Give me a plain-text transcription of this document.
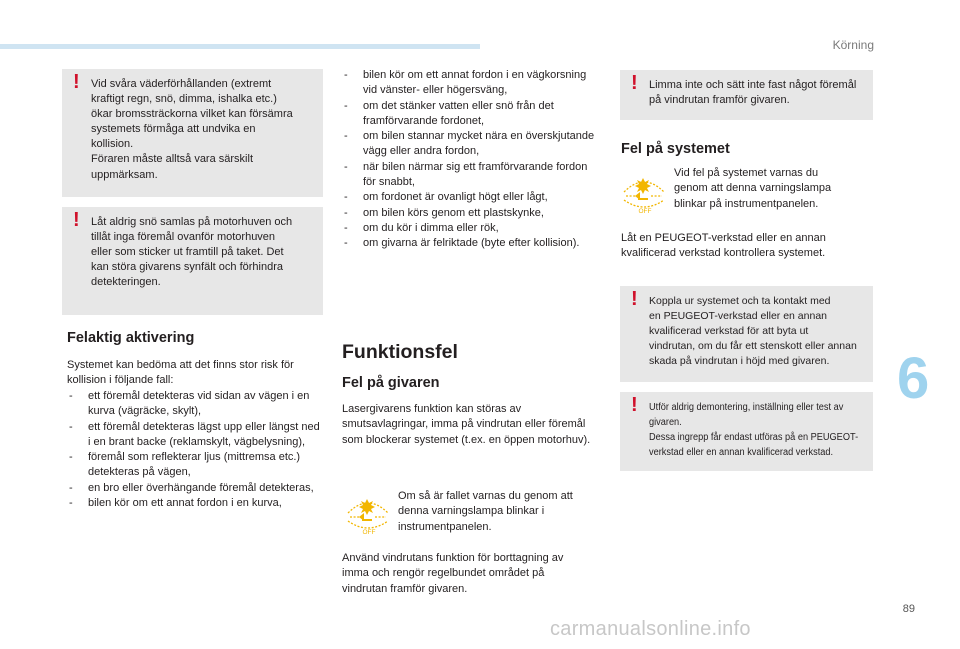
Körning
6
89
carmanualsonline.info
! Vid svåra väderförhållanden (extremt
kraftigt regn, snö, dimma, ishalka etc.)
ökar bromssträckorna vilket kan försämra
systemets förmåga att undvika en
kollision.
Föraren måste alltså vara särskilt
uppmärksam.

! Låt aldrig snö samlas på motorhuven och
tillåt inga föremål ovanför motorhuven
eller som sticker ut framtill på taket. Det
kan störa givarens synfält och förhindra
detekteringen.

Felaktig aktivering

Systemet kan bedöma att det finns stor risk för kollision i följande fall:

- ett föremål detekteras vid sidan av vägen i en kurva (vägräcke, skylt),
- ett föremål detekteras lägst upp eller längst ned i en brant backe (reklamskylt, vägbelysning),
- föremål som reflekterar ljus (mittremsa etc.) detekteras på vägen,
- en bro eller överhängande föremål detekteras,
- bilen kör om ett annat fordon i en kurva,
- bilen kör om ett annat fordon i en vägkorsning vid vänster- eller högersväng,
- om det stänker vatten eller snö från det framförvarande fordonet,
- om bilen stannar mycket nära en överskjutande vägg eller andra fordon,
- när bilen närmar sig ett framförvarande fordon för snabbt,
- om fordonet är ovanligt högt eller lågt,
- om bilen körs genom ett plastskynke,
- om du kör i dimma eller rök,
- om givarna är felriktade (byte efter kollision).
Funktionsfel
Fel på givaren

Lasergivarens funktion kan störas av smutsavlagringar, imma på vindrutan eller föremål som blockerar systemet (t.ex. en öppen motorhuv).

OFF

Om så är fallet varnas du genom att denna varningslampa blinkar i instrumentpanelen.

Använd vindrutans funktion för borttagning av imma och rengör regelbundet området på vindrutan framför givaren.

! Limma inte och sätt inte fast något föremål
på vindrutan framför givaren.

Fel på systemet
OFF

Vid fel på systemet varnas du genom att denna varningslampa blinkar på instrumentpanelen.

Låt en PEUGEOT-verkstad eller en annan kvalificerad verkstad kontrollera systemet.

! Koppla ur systemet och ta kontakt med
en PEUGEOT-verkstad eller en annan
kvalificerad verkstad för att byta ut
vindrutan, om du får ett stenskott eller annan
skada på vindrutan i höjd med givaren.

! Utför aldrig demontering, inställning eller test av
givaren.
Dessa ingrepp får endast utföras på en PEUGEOT-
verkstad eller en annan kvalificerad verkstad.
